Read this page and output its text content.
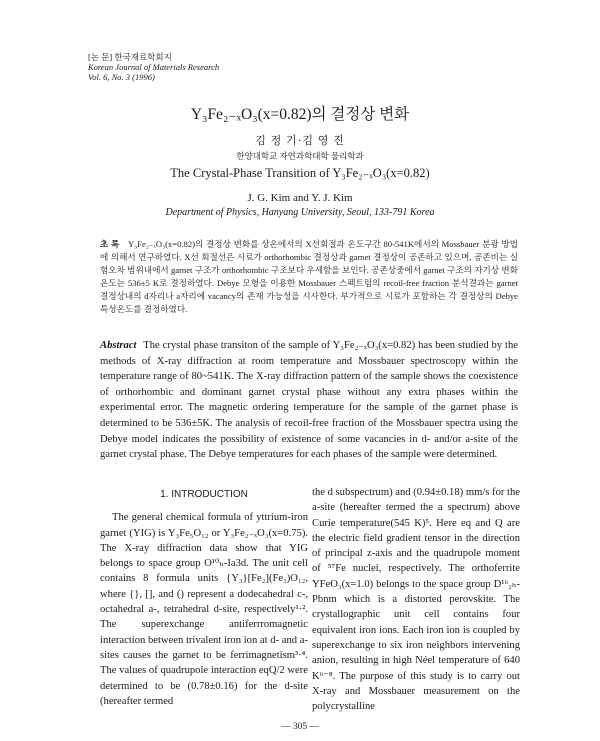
[논 문] 한국재료학회지
Korean Journal of Materials Research
Vol. 6, No. 3 (1996)
Y₃Fe₂₋ₓO₃(x=0.82)의 결정상 변화
김 정 기·김 영 진
한양대학교 자연과학대학 물리학과
The Crystal-Phase Transition of Y₃Fe₂₋ₓO₃(x=0.82)
J. G. Kim and Y. J. Kim
Department of Physics, Hanyang University, Seoul, 133-791 Korea
초 록 Y₃Fe₂₋ₓO₃(x=0.82)의 결정상 변화를 상온에서의 X선회절과 온도구간 80-541K에서의 Mossbauer 분광 방법에 의해서 연구하였다. X선 회절선은 시료가 orthorhombic 결정상과 garnet 결정상이 공존하고 있으며, 공존비는 실험오차 범위내에서 garnet 구조가 orthorhombic 구조보다 우세함을 보인다. 공존상중에서 garnet 구조의 자기상 변화온도는 536±5 K로 결정하였다. Debye 모형을 이용한 Mossbauer 스펙트럼의 recoil-free fraction 분석결과는 garnet 결정상내의 d자리나 a자리에 vacancy의 존재 가능성을 시사한다. 부가적으로 시료가 포함하는 각 결정상의 Debye 특성온도를 결정하였다.
Abstract The crystal phase transiton of the sample of Y₃Fe₂₋ₓO₃(x=0.82) has been studied by the methods of X-ray diffraction at room temperature and Mossbauer spectroscopy within the temperature range of 80~541K. The X-ray diffraction pattern of the sample shows the coexistence of orthorhombic and dominant garnet crystal phase without any extra phases within the experimental error. The magnetic ordering temperature for the sample of the garnet phase is determined to be 536±5K. The analysis of recoil-free fraction of the Mossbauer spectra using the Debye model indicates the possibility of existence of some vacancies in d- and/or a-site of the garnet crystal phase. The Debye temperatures for each phases of the sample were determined.
1. INTRODUCTION

The general chemical formula of yttrium-iron garnet (YIG) is Y₃Fe₅O₁₂ or Y₃Fe₂₋ₓO₃(x=0.75). The X-ray diffraction data show that YIG belongs to space group O¹⁰ₕ-Ia3d. The unit cell contains 8 formula units {Y₃}[Fe₂](Fe₃)O₁₂, where {}, [], and () represent a dodecahedral c-, octahedral a-, tetrahedral d-site, respectively¹·². The superexchange antiferrromagnetic interaction between trivalent iron ion at d- and a-sites causes the garnet to be ferrimagnetism³·⁴. The values of quadrupole interaction eqQ/2 were determined to be (0.78±0.16) for the d-site (hereafter termed

the d subspectrum) and (0.94±0.18) mm/s for the a-site (hereafter termed the a spectrum) above Curie temperature(545 K)⁵. Here eq and Q are the electric field gradient tensor in the direction of principal z-axis and the quadrupole moment of ⁵⁷Fe nuclei, respectively. The orthoferrite YFeO₃(x=1.0) belongs to the space group D¹⁶₂ₕ-Pbnm which is a distorted perovskite. The crystallographic unit cell contains four equivalent iron ions. Each iron ion is coupled by superexchange to six iron neighbors intervening anion, resulting in high Néel temperature of 640 K⁶⁻⁸. The purpose of this study is to carry out X-ray and Mossbauer measurement on the polycrystalline

— 305 —
